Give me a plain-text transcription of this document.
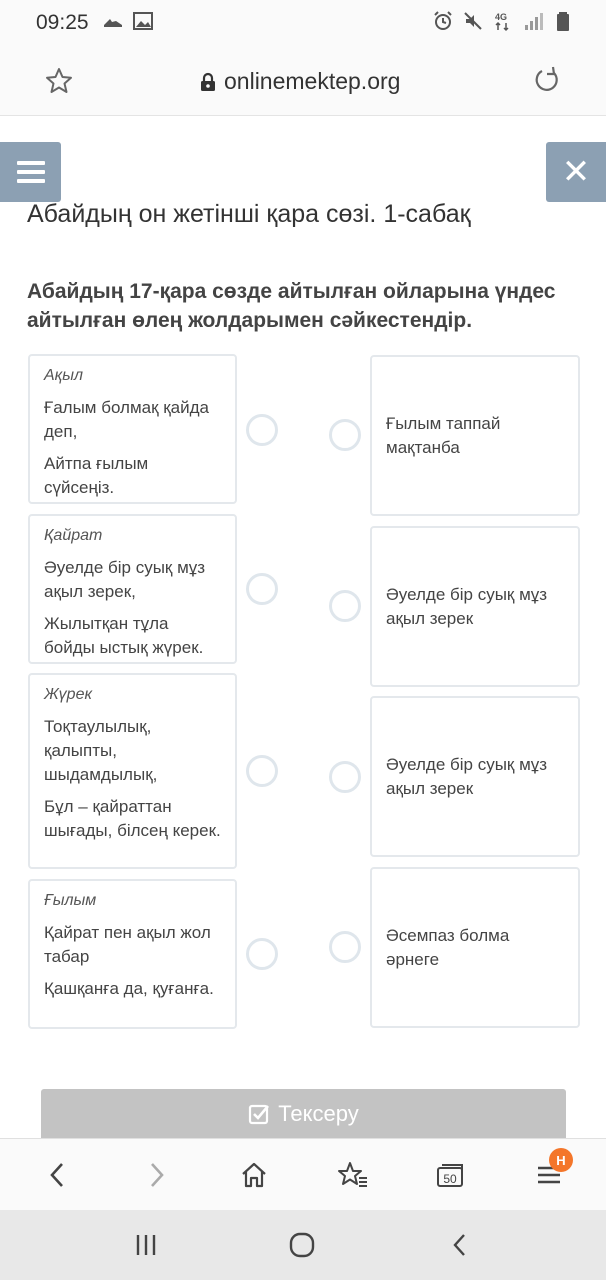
09:25	4G
onlinemektep.org
✕
Абайдың он жетінші қара сөзі. 1-сабақ
Абайдың 17-қара сөзде айтылған ойларына үндес айтылған өлең жолдарымен сәйкестендір.
Ақыл
Ғалым болмақ қайда деп,
Айтпа ғылым сүйсеңіз.
Қайрат
Әуелде бір суық мұз ақыл зерек,
Жылытқан тұла бойды ыстық жүрек.
Жүрек
Тоқтаулылық, қалыпты, шыдамдылық,
Бұл – қайраттан шығады, білсең керек.
Ғылым
Қайрат пен ақыл жол табар
Қашқанға да, қуғанға.
Ғылым таппай мақтанба
Әуелде бір суық мұз ақыл зерек
Әуелде бір суық мұз ақыл зерек
Әсемпаз болма әрнеге
Тексеру
50
H
